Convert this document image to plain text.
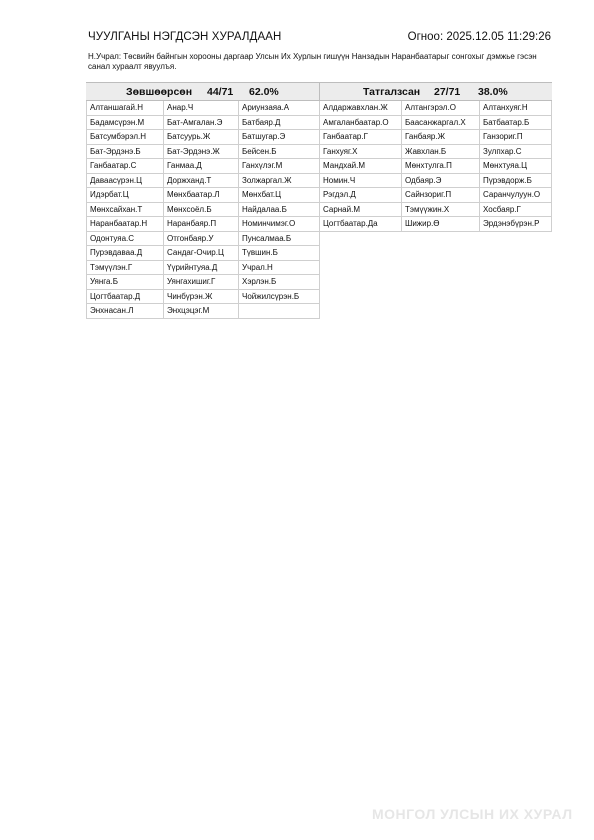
ЧУУЛГАНЫ НЭГДСЭН ХУРАЛДААН	Огноо: 2025.12.05 11:29:26
Н.Учрал: Төсвийн байнгын хорооны даргаар Улсын Их Хурлын гишүүн Нанзадын Наранбаатарыг сонгохыг дэмжье гэсэн санал хураалт явуулъя.
Зөвшөөрсөн 44/71 62.0%
Алтаншагай.Н	Анар.Ч	Ариунзаяа.А
Бадамсүрэн.М	Бат-Амгалан.Э	Батбаяр.Д
Батсумбэрэл.Н	Батсуурь.Ж	Батшугар.Э
Бат-Эрдэнэ.Б	Бат-Эрдэнэ.Ж	Бейсен.Б
Ганбаатар.С	Ганмаа.Д	Ганхүлэг.М
Даваасүрэн.Ц	Доржханд.Т	Золжаргал.Ж
Идэрбат.Ц	Мөнхбаатар.Л	Мөнхбат.Ц
Мөнхсайхан.Т	Мөнхсоёл.Б	Найдалаа.Б
Наранбаатар.Н	Наранбаяр.П	Номинчимэг.О
Одонтуяа.С	Отгонбаяр.У	Пунсалмаа.Б
Пурэвдаваа.Д	Сандаг-Очир.Ц	Түвшин.Б
Тэмүүлэн.Г	Үүрийнтуяа.Д	Учрал.Н
Уянга.Б	Уянгахишиг.Г	Хэрлэн.Б
Цогтбаатар.Д	Чинбүрэн.Ж	Чойжилсүрэн.Б
Энхнасан.Л	Энхцэцэг.М
Татгалзсан 27/71 38.0%
Алдаржавхлан.Ж	Алтангэрэл.О	Алтанхуяг.Н
Амгаланбаатар.О	Баасанжаргал.Х	Батбаатар.Б
Ганбаатар.Г	Ганбаяр.Ж	Ганзориг.П
Ганхуяг.Х	Жавхлан.Б	Зулпхар.С
Мандхай.М	Мөнхтулга.П	Мөнхтуяа.Ц
Номин.Ч	Одбаяр.Э	Пүрэвдорж.Б
Рэгдэл.Д	Сайнзориг.П	Саранчулуун.О
Сарнай.М	Тэмүүжин.Х	Хосбаяр.Г
Цогтбаатар.Да	Шижир.Ө	Эрдэнэбүрэн.Р
МОНГОЛ УЛСЫН ИХ ХУРАЛ
